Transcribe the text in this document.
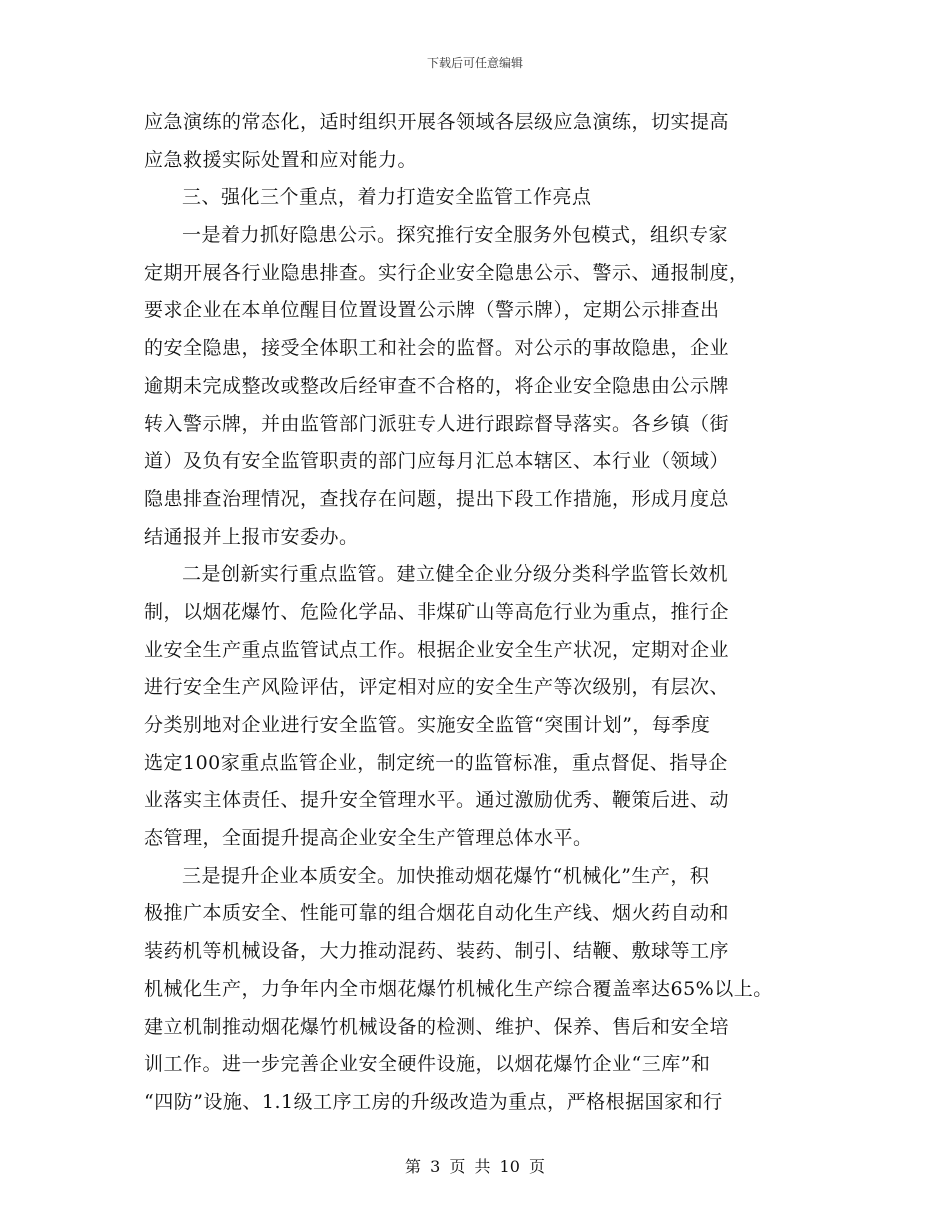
下载后可任意编辑
应急演练的常态化，适时组织开展各领域各层级应急演练，切实提高
应急救援实际处置和应对能力。
三、强化三个重点，着力打造安全监管工作亮点
一是着力抓好隐患公示。探究推行安全服务外包模式，组织专家
定期开展各行业隐患排查。实行企业安全隐患公示、警示、通报制度，
要求企业在本单位醒目位置设置公示牌（警示牌），定期公示排查出
的安全隐患，接受全体职工和社会的监督。对公示的事故隐患，企业
逾期未完成整改或整改后经审查不合格的，将企业安全隐患由公示牌
转入警示牌，并由监管部门派驻专人进行跟踪督导落实。各乡镇（街
道）及负有安全监管职责的部门应每月汇总本辖区、本行业（领域）
隐患排查治理情况，查找存在问题，提出下段工作措施，形成月度总
结通报并上报市安委办。
二是创新实行重点监管。建立健全企业分级分类科学监管长效机
制，以烟花爆竹、危险化学品、非煤矿山等高危行业为重点，推行企
业安全生产重点监管试点工作。根据企业安全生产状况，定期对企业
进行安全生产风险评估，评定相对应的安全生产等次级别，有层次、
分类别地对企业进行安全监管。实施安全监管“突围计划”，每季度
选定100家重点监管企业，制定统一的监管标准，重点督促、指导企
业落实主体责任、提升安全管理水平。通过激励优秀、鞭策后进、动
态管理，全面提升提高企业安全生产管理总体水平。
三是提升企业本质安全。加快推动烟花爆竹“机械化”生产，积
极推广本质安全、性能可靠的组合烟花自动化生产线、烟火药自动和
装药机等机械设备，大力推动混药、装药、制引、结鞭、敷球等工序
机械化生产，力争年内全市烟花爆竹机械化生产综合覆盖率达65%以上。
建立机制推动烟花爆竹机械设备的检测、维护、保养、售后和安全培
训工作。进一步完善企业安全硬件设施，以烟花爆竹企业“三库”和
“四防”设施、1.1级工序工房的升级改造为重点，严格根据国家和行
第 3 页 共 10 页
